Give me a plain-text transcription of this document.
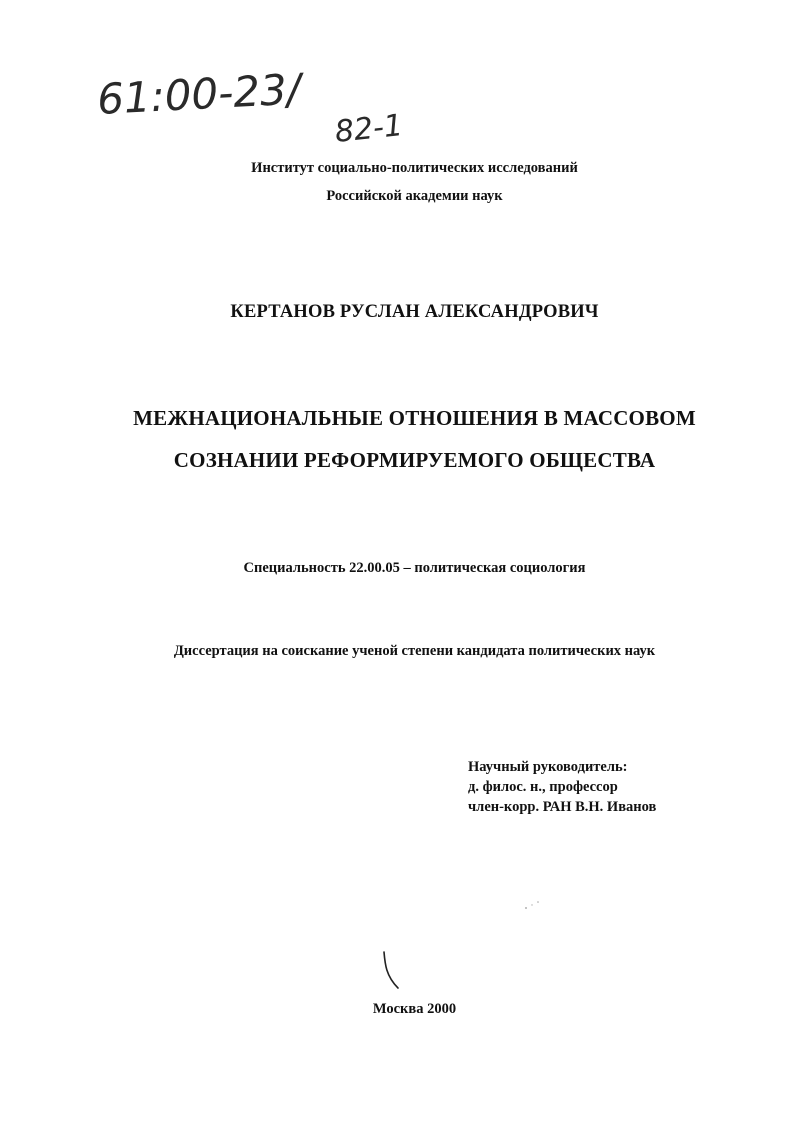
61:00-23/
82-1
Институт социально-политических исследований
Российской академии наук
КЕРТАНОВ РУСЛАН АЛЕКСАНДРОВИЧ
МЕЖНАЦИОНАЛЬНЫЕ ОТНОШЕНИЯ В МАССОВОМ
СОЗНАНИИ РЕФОРМИРУЕМОГО ОБЩЕСТВА
Специальность 22.00.05 – политическая социология
Диссертация на соискание ученой степени кандидата политических наук
Научный руководитель:
д. филос. н., профессор
член-корр. РАН В.Н. Иванов
Москва 2000
